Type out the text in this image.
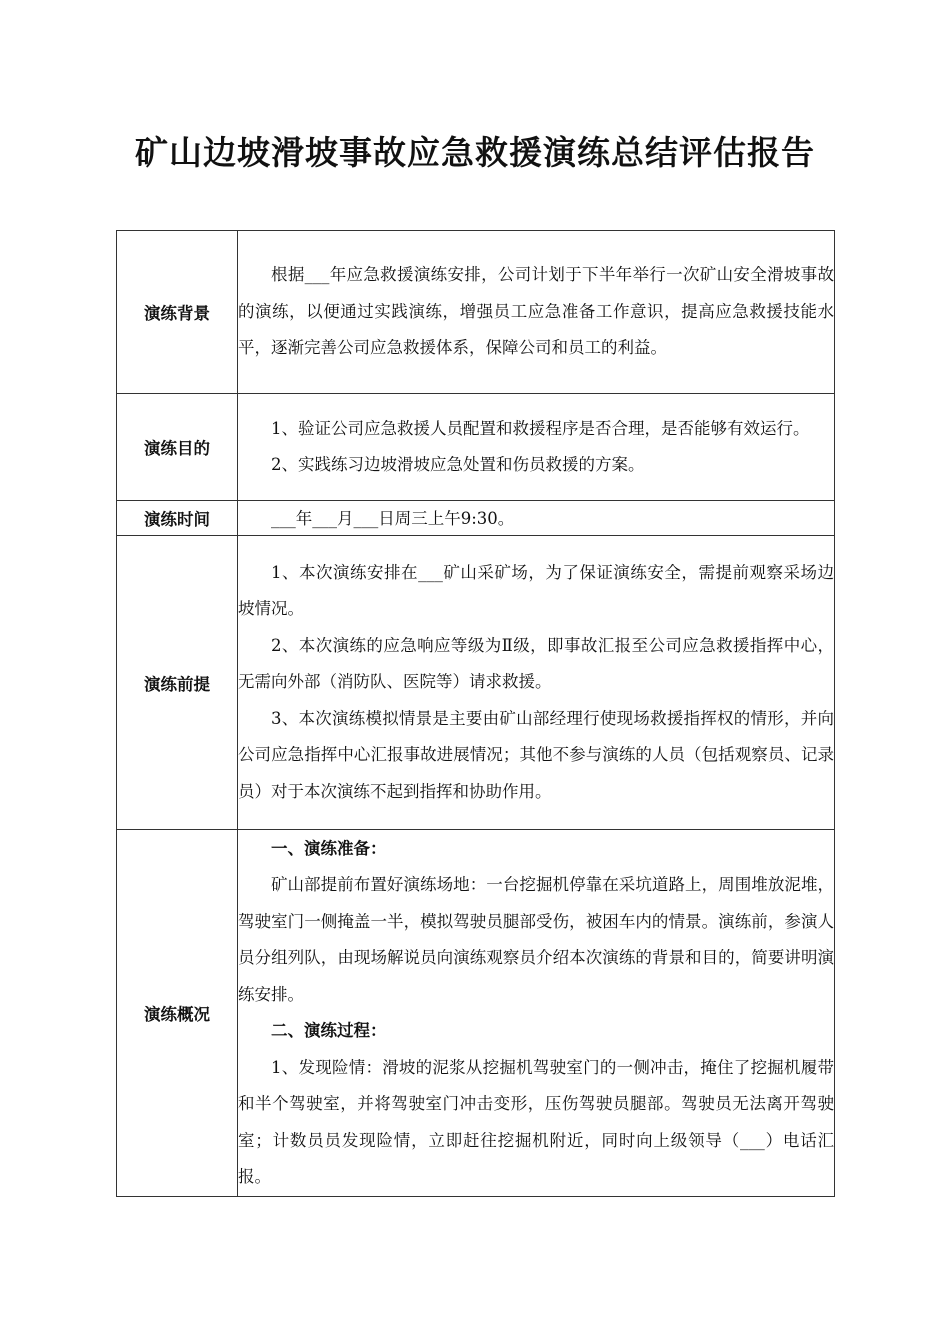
矿山边坡滑坡事故应急救援演练总结评估报告
演练背景	根据___年应急救援演练安排，公司计划于下半年举行一次矿山安全滑坡事故的演练，以便通过实践演练，增强员工应急准备工作意识，提高应急救援技能水平，逐渐完善公司应急救援体系，保障公司和员工的利益。

演练目的	1、验证公司应急救援人员配置和救援程序是否合理，是否能够有效运行。

2、实践练习边坡滑坡应急处置和伤员救援的方案。

演练时间	___年___月___日周三上午9:30。

演练前提	1、本次演练安排在___矿山采矿场，为了保证演练安全，需提前观察采场边坡情况。

2、本次演练的应急响应等级为Ⅱ级，即事故汇报至公司应急救援指挥中心，无需向外部（消防队、医院等）请求救援。

3、本次演练模拟情景是主要由矿山部经理行使现场救援指挥权的情形，并向公司应急指挥中心汇报事故进展情况；其他不参与演练的人员（包括观察员、记录员）对于本次演练不起到指挥和协助作用。

演练概况	一、演练准备：

矿山部提前布置好演练场地：一台挖掘机停靠在采坑道路上，周围堆放泥堆，驾驶室门一侧掩盖一半，模拟驾驶员腿部受伤，被困车内的情景。演练前，参演人员分组列队，由现场解说员向演练观察员介绍本次演练的背景和目的，简要讲明演练安排。

二、演练过程：

1、发现险情：滑坡的泥浆从挖掘机驾驶室门的一侧冲击，掩住了挖掘机履带和半个驾驶室，并将驾驶室门冲击变形，压伤驾驶员腿部。驾驶员无法离开驾驶室；计数员员发现险情，立即赶往挖掘机附近，同时向上级领导（___）电话汇报。
